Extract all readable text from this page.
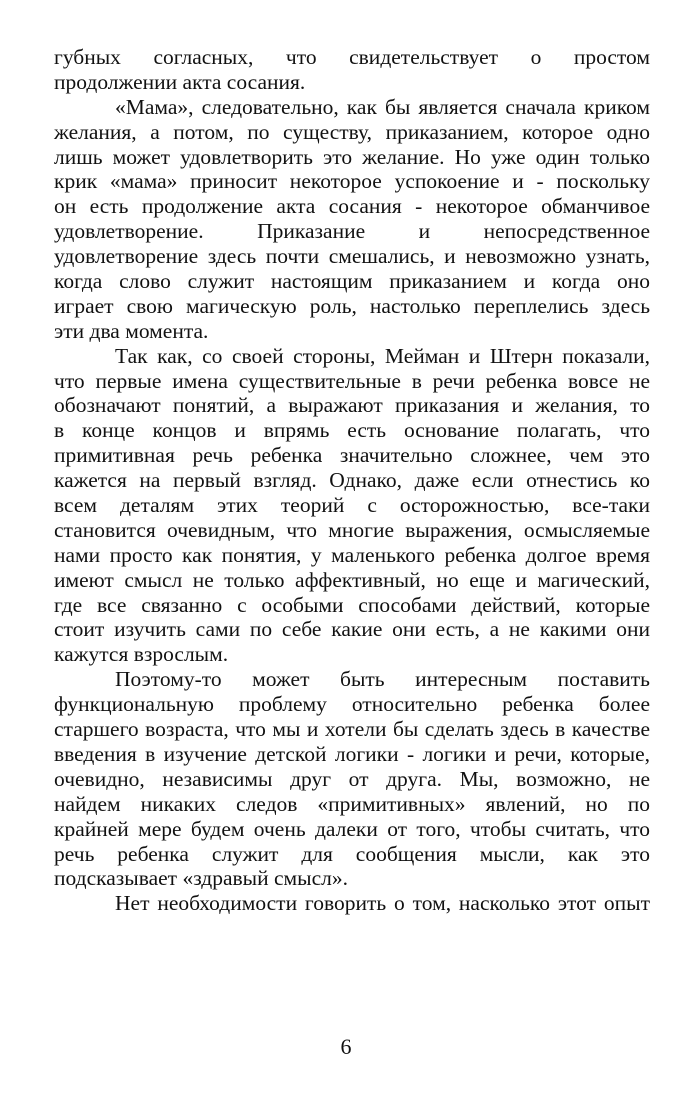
губных согласных, что свидетельствует о простом
продолжении акта сосания.
«Мама», следовательно, как бы является сначала криком
желания, а потом, по существу, приказанием, которое одно
лишь может удовлетворить это желание. Но уже один только
крик «мама» приносит некоторое успокоение и - поскольку
он есть продолжение акта сосания - некоторое обманчивое
удовлетворение. Приказание и непосредственное
удовлетворение здесь почти смешались, и невозможно узнать,
когда слово служит настоящим приказанием и когда оно
играет свою магическую роль, настолько переплелись здесь
эти два момента.
Так как, со своей стороны, Мейман и Штерн показали,
что первые имена существительные в речи ребенка вовсе не
обозначают понятий, а выражают приказания и желания, то
в конце концов и впрямь есть основание полагать, что
примитивная речь ребенка значительно сложнее, чем это
кажется на первый взгляд. Однако, даже если отнестись ко
всем деталям этих теорий с осторожностью, все-таки
становится очевидным, что многие выражения, осмысляемые
нами просто как понятия, у маленького ребенка долгое время
имеют смысл не только аффективный, но еще и магический,
где все связанно с особыми способами действий, которые
стоит изучить сами по себе какие они есть, а не какими они
кажутся взрослым.
Поэтому-то может быть интересным поставить
функциональную проблему относительно ребенка более
старшего возраста, что мы и хотели бы сделать здесь в качестве
введения в изучение детской логики - логики и речи, которые,
очевидно, независимы друг от друга. Мы, возможно, не
найдем никаких следов «примитивных» явлений, но по
крайней мере будем очень далеки от того, чтобы считать, что
речь ребенка служит для сообщения мысли, как это
подсказывает «здравый смысл».
Нет необходимости говорить о том, насколько этот опыт
6
